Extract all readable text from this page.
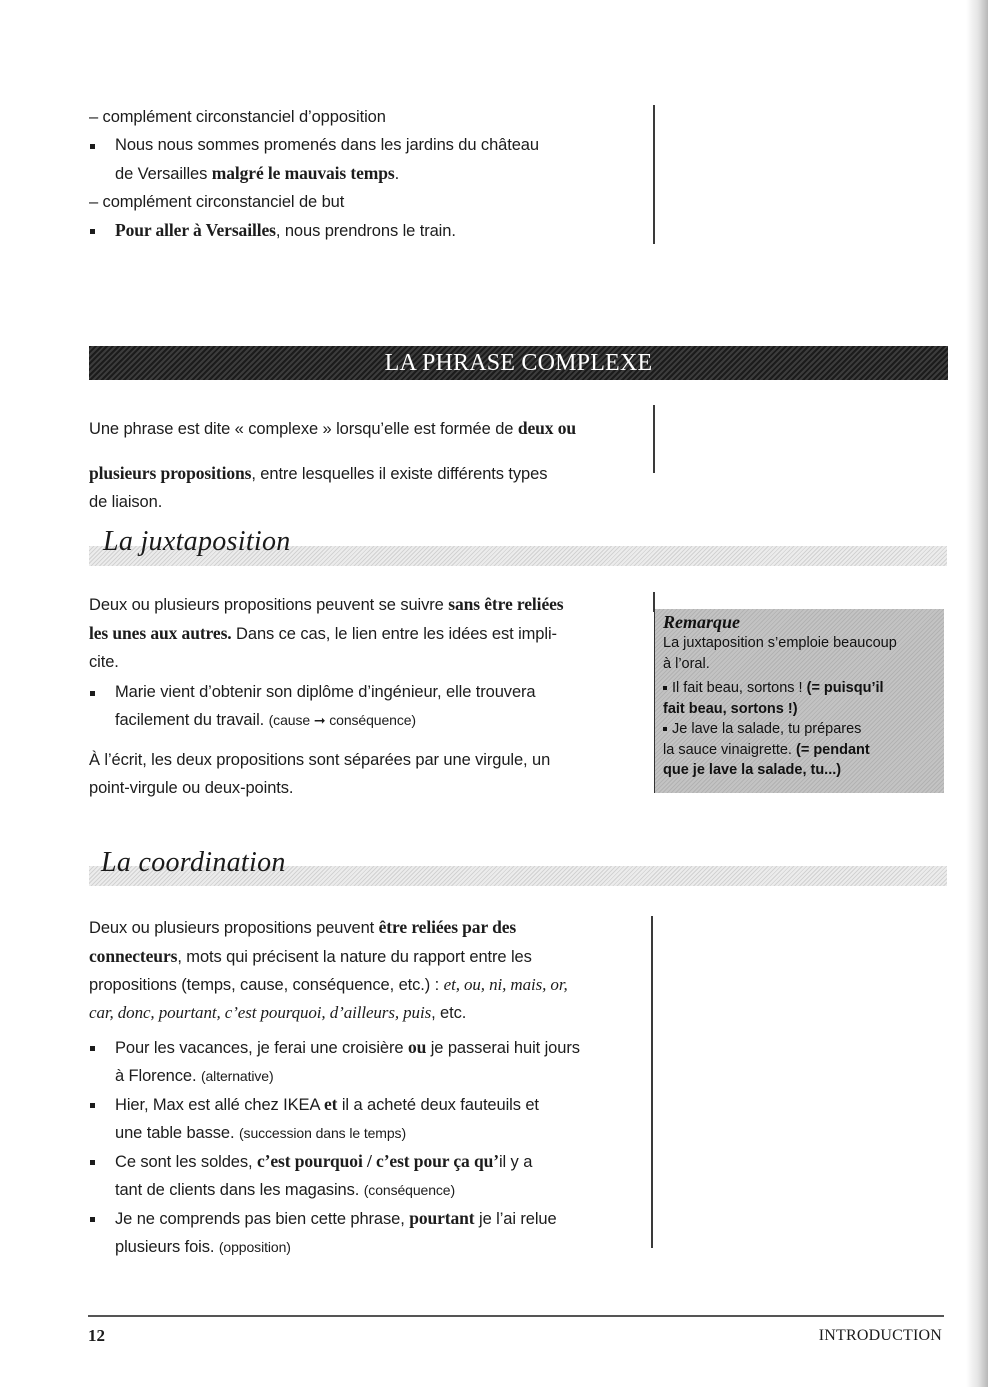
– complément circonstanciel d’opposition

Nous nous sommes promenés dans les jardins du château

de Versailles malgré le mauvais temps.

– complément circonstanciel de but

Pour aller à Versailles, nous prendrons le train.

LA PHRASE COMPLEXE

Une phrase est dite « complexe » lorsqu’elle est formée de deux ou

plusieurs propositions, entre lesquelles il existe différents types

de liaison.

La juxtaposition

Deux ou plusieurs propositions peuvent se suivre sans être reliées

les unes aux autres. Dans ce cas, le lien entre les idées est impli-

cite.

Marie vient d’obtenir son diplôme d’ingénieur, elle trouvera

facilement du travail. (cause ➞ conséquence)

À l’écrit, les deux propositions sont séparées par une virgule, un

point-virgule ou deux-points.

Remarque
La juxtaposition s’emploie beaucoup
à l’oral.
Il fait beau, sortons ! (= puisqu’il
fait beau, sortons !)
Je lave la salade, tu prépares
la sauce vinaigrette. (= pendant
que je lave la salade, tu...)
La coordination

Deux ou plusieurs propositions peuvent être reliées par des

connecteurs, mots qui précisent la nature du rapport entre les

propositions (temps, cause, conséquence, etc.) : et, ou, ni, mais, or,

car, donc, pourtant, c’est pourquoi, d’ailleurs, puis, etc.

Pour les vacances, je ferai une croisière ou je passerai huit jours

à Florence. (alternative)

Hier, Max est allé chez IKEA et il a acheté deux fauteuils et

une table basse. (succession dans le temps)

Ce sont les soldes, c’est pourquoi / c’est pour ça qu’il y a

tant de clients dans les magasins. (conséquence)

Je ne comprends pas bien cette phrase, pourtant je l’ai relue

plusieurs fois. (opposition)

12	INTRODUCTION
